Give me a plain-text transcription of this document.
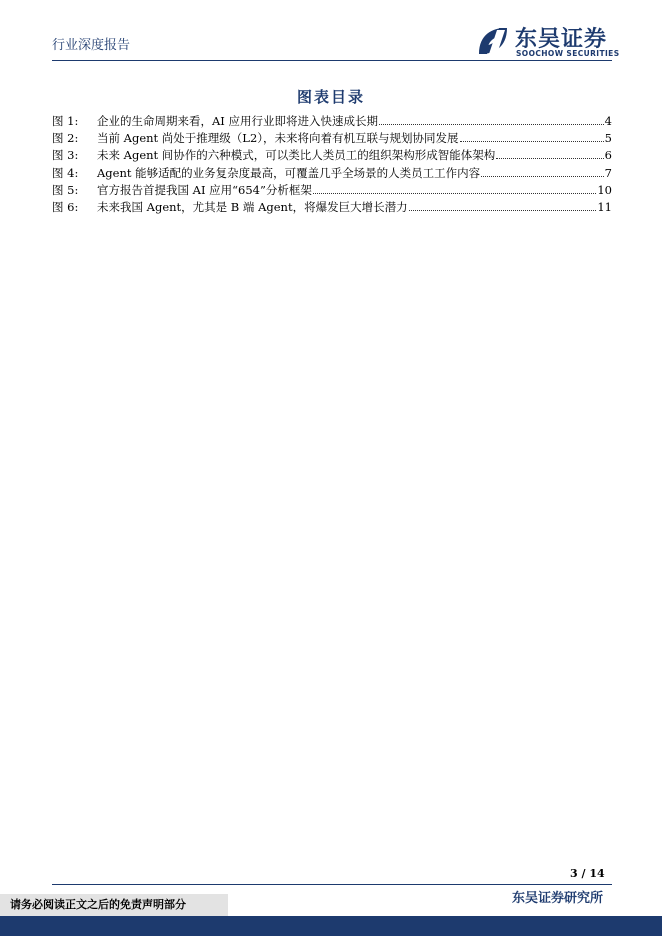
行业深度报告	东吴证券
SOOCHOW SECURITIES
图表目录
图 1:	企业的生命周期来看，AI 应用行业即将进入快速成长期	4
图 2:	当前 Agent 尚处于推理级（L2），未来将向着有机互联与规划协同发展	5
图 3:	未来 Agent 间协作的六种模式，可以类比人类员工的组织架构形成智能体架构	6
图 4:	Agent 能够适配的业务复杂度最高，可覆盖几乎全场景的人类员工工作内容	7
图 5:	官方报告首提我国 AI 应用“654”分析框架	10
图 6:	未来我国 Agent，尤其是 B 端 Agent，将爆发巨大增长潜力	11
3 / 14
请务必阅读正文之后的免责声明部分	东吴证券研究所
